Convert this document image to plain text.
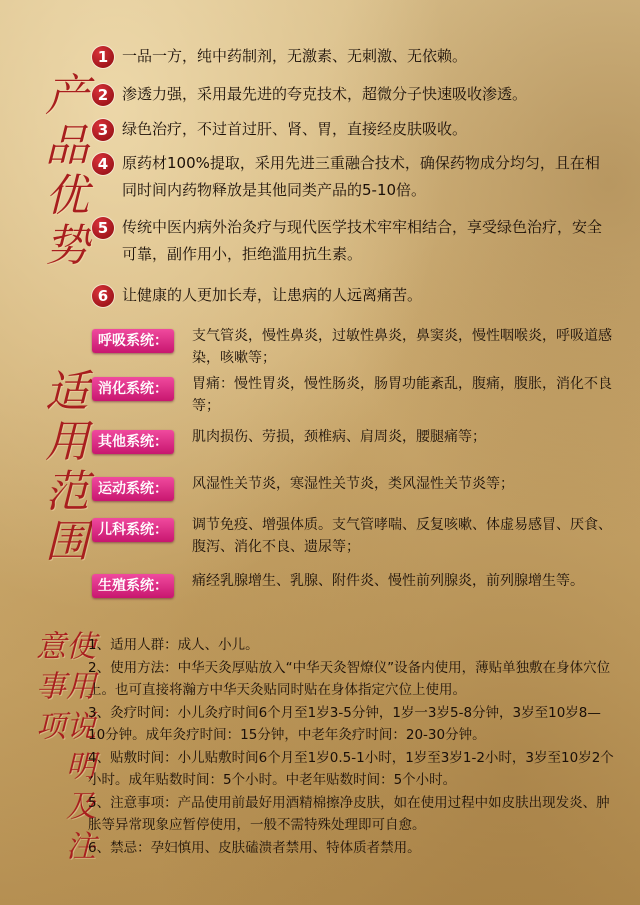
产品优势
适用范围
使用说明及注意事项
1 一品一方，纯中药制剂，无激素、无刺激、无依赖。
2 渗透力强，采用最先进的夸克技术，超微分子快速吸收渗透。
3 绿色治疗，不过首过肝、肾、胃，直接经皮肤吸收。
4 原药材100%提取，采用先进三重融合技术，确保药物成分均匀，且在相同时间内药物释放是其他同类产品的5-10倍。
5 传统中医内病外治灸疗与现代医学技术牢牢相结合，享受绿色治疗，安全可靠，副作用小，拒绝滥用抗生素。
6 让健康的人更加长寿，让患病的人远离痛苦。
呼吸系统：	支气管炎，慢性鼻炎，过敏性鼻炎，鼻窦炎，慢性咽喉炎，呼吸道感染，咳嗽等；
消化系统：	胃痛：慢性胃炎，慢性肠炎，肠胃功能紊乱，腹痛，腹胀，消化不良等；
其他系统：	肌肉损伤、劳损，颈椎病、肩周炎，腰腿痛等；
运动系统：	风湿性关节炎，寒湿性关节炎，类风湿性关节炎等；
儿科系统：	调节免疫、增强体质。支气管哮喘、反复咳嗽、体虚易感冒、厌食、腹泻、消化不良、遗尿等；
生殖系统：	痛经乳腺增生、乳腺、附件炎、慢性前列腺炎，前列腺增生等。
1、适用人群：成人、小儿。
2、使用方法：中华天灸厚贴放入“中华天灸智燎仪”设备内使用，薄贴单独敷在身体穴位上。也可直接将瀚方中华天灸贴同时贴在身体指定穴位上使用。
3、灸疗时间：小儿灸疗时间6个月至1岁3-5分钟，1岁一3岁5-8分钟，3岁至10岁8—10分钟。成年灸疗时间：15分钟，中老年灸疗时间：20-30分钟。
4、贴敷时间：小儿贴敷时间6个月至1岁0.5-1小时，1岁至3岁1-2小时，3岁至10岁2个小时。成年贴数时间：5个小时。中老年贴数时间：5个小时。
5、注意事项：产品使用前最好用酒精棉擦净皮肤，如在使用过程中如皮肤出现发炎、肿胀等异常现象应暂停使用，一般不需特殊处理即可自愈。
6、禁忌：孕妇慎用、皮肤磕溃者禁用、特体质者禁用。
